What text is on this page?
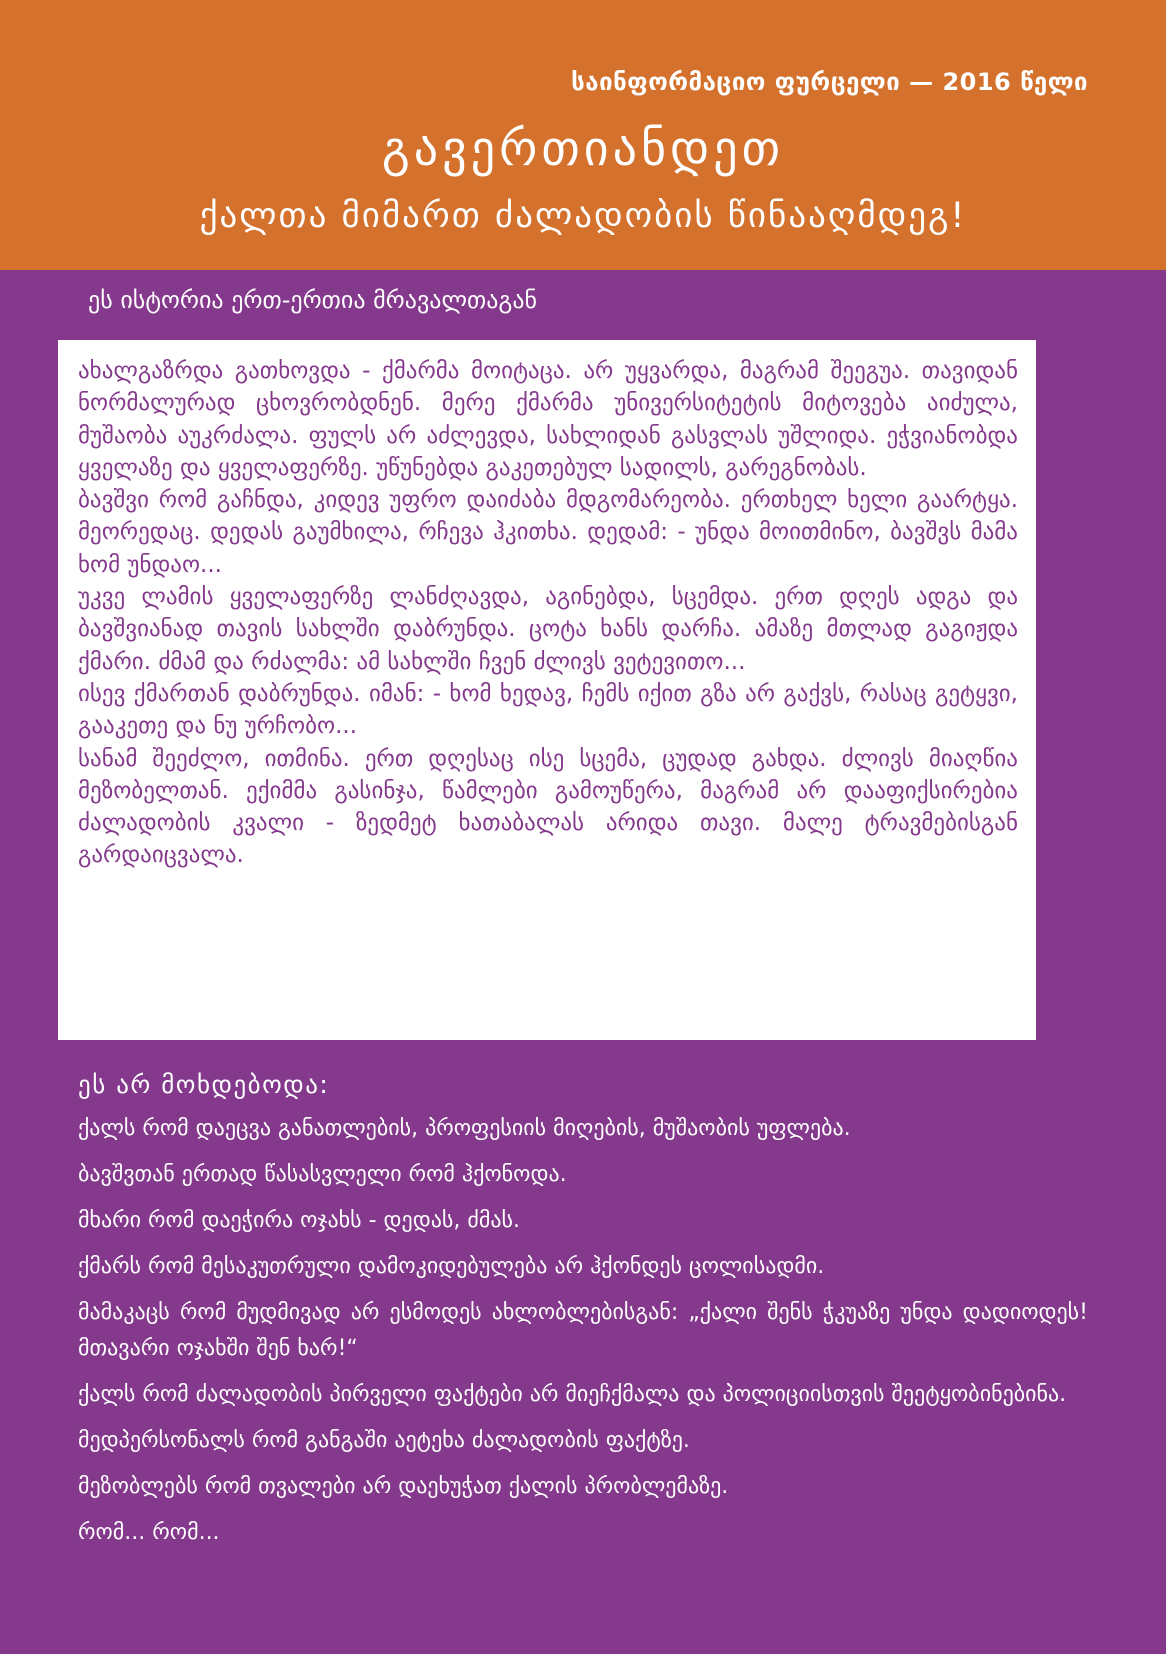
საინფორმაციო ფურცელი — 2016 წელი
გავერთიანდეთ
ქალთა მიმართ ძალადობის წინააღმდეგ!
ეს ისტორია ერთ-ერთია მრავალთაგან

ახალგაზრდა გათხოვდა - ქმარმა მოიტაცა. არ უყვარდა, მაგრამ შეეგუა. თავიდან ნორმალურად ცხოვრობდნენ. მერე ქმარმა უნივერსიტეტის მიტოვება აიძულა, მუშაობა აუკრძალა. ფულს არ აძლევდა, სახლიდან გასვლას უშლიდა. ეჭვიანობდა ყველაზე და ყველაფერზე. უწუნებდა გაკეთებულ სადილს, გარეგნობას.

ბავშვი რომ გაჩნდა, კიდევ უფრო დაიძაბა მდგომარეობა. ერთხელ ხელი გაარტყა. მეორედაც. დედას გაუმხილა, რჩევა ჰკითხა. დედამ: - უნდა მოითმინო, ბავშვს მამა ხომ უნდაო...

უკვე ლამის ყველაფერზე ლანძღავდა, აგინებდა, სცემდა. ერთ დღეს ადგა და ბავშვიანად თავის სახლში დაბრუნდა. ცოტა ხანს დარჩა. ამაზე მთლად გაგიჟდა ქმარი. ძმამ და რძალმა: ამ სახლში ჩვენ ძლივს ვეტევითო...

ისევ ქმართან დაბრუნდა. იმან: - ხომ ხედავ, ჩემს იქით გზა არ გაქვს, რასაც გეტყვი, გააკეთე და ნუ ურჩობო...

სანამ შეეძლო, ითმინა. ერთ დღესაც ისე სცემა, ცუდად გახდა. ძლივს მიაღწია მეზობელთან. ექიმმა გასინჯა, წამლები გამოუწერა, მაგრამ არ დააფიქსირებია ძალადობის კვალი - ზედმეტ ხათაბალას არიდა თავი. მალე ტრავმებისგან გარდაიცვალა.

ეს არ მოხდებოდა:
ქალს რომ დაეცვა განათლების, პროფესიის მიღების, მუშაობის უფლება.
ბავშვთან ერთად წასასვლელი რომ ჰქონოდა.
მხარი რომ დაეჭირა ოჯახს - დედას, ძმას.
ქმარს რომ მესაკუთრული დამოკიდებულება არ ჰქონდეს ცოლისადმი.
მამაკაცს რომ მუდმივად არ ესმოდეს ახლობლებისგან: „ქალი შენს ჭკუაზე უნდა დადიოდეს! მთავარი ოჯახში შენ ხარ!“
ქალს რომ ძალადობის პირველი ფაქტები არ მიეჩქმალა და პოლიციისთვის შეეტყობინებინა.
მედპერსონალს რომ განგაში აეტეხა ძალადობის ფაქტზე.
მეზობლებს რომ თვალები არ დაეხუჭათ ქალის პრობლემაზე.
რომ... რომ...
